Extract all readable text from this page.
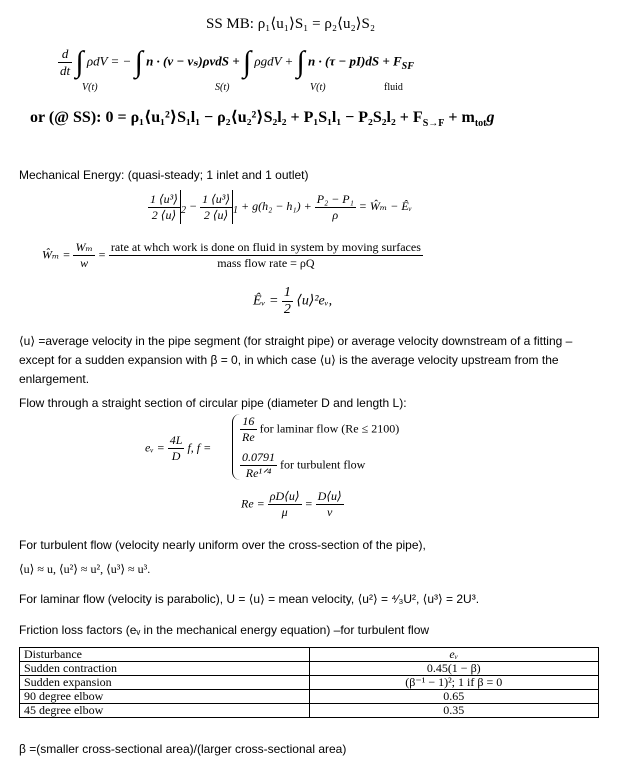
SS MB: ρ₁⟨u₁⟩S₁ = ρ₂⟨u₂⟩S₂
$\frac{d}{dt}$ ∫ ρdV = − ∫ n · (v − vₛ)ρvdS + ∫ ρgdV + ∫ $n \cdot (\tau - pI)dS + F_{SF}$
V(t)	S(t)	V(t)	fluid
or (@ SS): 0 = ρ₁⟨u₁²⟩S₁l₁ − ρ₂⟨u₂²⟩S₂l₂ + $P_1S_1l_1 - P_2S_2l_2 + F_{S\to F} + m_{tot}g$
Mechanical Energy: (quasi-steady; 1 inlet and 1 outlet)
$\frac{\text{1 ⟨u³⟩}}{2 ⟨u⟩} _2 - \frac{\text{1 ⟨u³⟩}}{2 ⟨u⟩} _1 + g(h_2 - h_1) + \frac{\text{P₂ − P₁}}{\rho}$ = Ŵₘ − Êᵥ
Ŵₘ = $\frac{\text{Wₘ}}{w}$ =
rate at whch work is done on fluid in system by moving surfaces
mass flow rate = ρQ
Êᵥ = $\frac{1}{2}$ ⟨u⟩²eᵥ,
⟨u⟩ =average velocity in the pipe segment (for straight pipe) or average velocity downstream of a fitting – except for a sudden expansion with β = 0, in which case ⟨u⟩ is the average velocity upstream from the enlargement.
Flow through a straight section of circular pipe (diameter D and length L):
eᵥ = $\frac{4L}{D} f$, f =
$\frac{16}{Re}$ for laminar flow (Re ≤ 2100)
$\frac{0.0791}{\text{Re¹ᐟ⁴}}$ for turbulent flow
$Re = \frac{\rho D⟨u⟩}{\mu} = \frac{D⟨u⟩}{\nu}$
For turbulent flow (velocity nearly uniform over the cross-section of the pipe),
⟨u⟩ ≈ u, ⟨u²⟩ ≈ u², ⟨u³⟩ ≈ u³.
For laminar flow (velocity is parabolic), U = ⟨u⟩ = mean velocity, ⟨u²⟩ = ⁴⁄₃U², ⟨u³⟩ = 2U³.
Friction loss factors (eᵥ in the mechanical energy equation) –for turbulent flow
Disturbance	eᵥ
Sudden contraction	0.45(1 − β)
Sudden expansion	(β⁻¹ − 1)²; 1 if β = 0
90 degree elbow	0.65
45 degree elbow	0.35
β =(smaller cross-sectional area)/(larger cross-sectional area)
